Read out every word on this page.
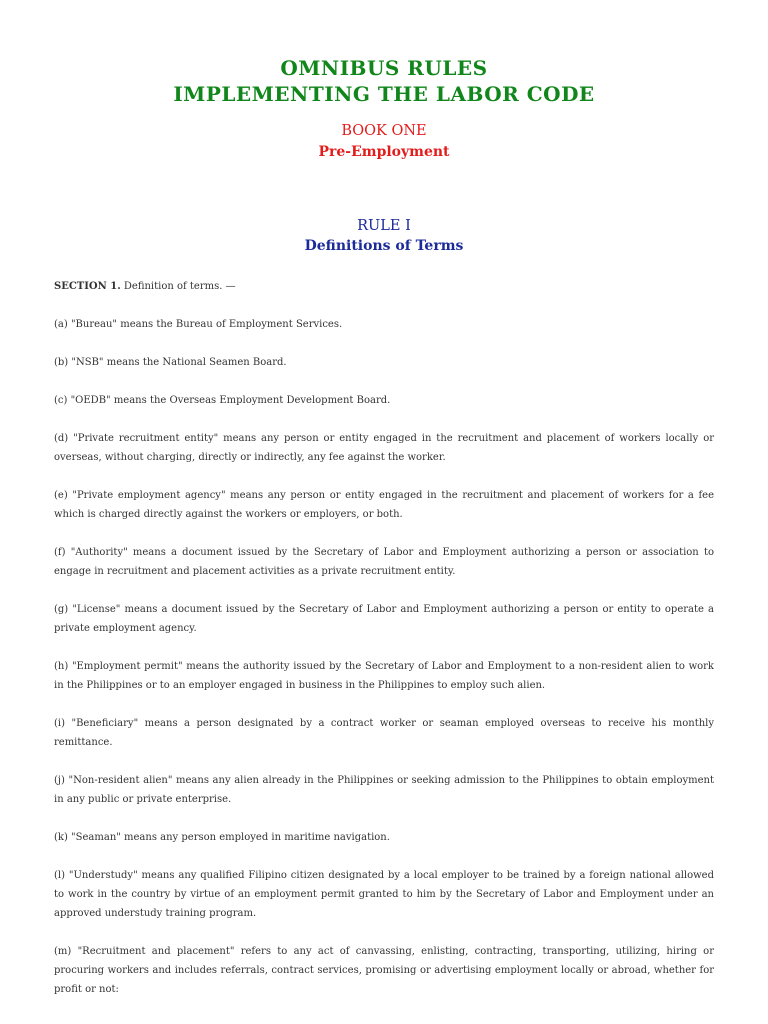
OMNIBUS RULES
IMPLEMENTING THE LABOR CODE
BOOK ONE
Pre-Employment
RULE I
Definitions of Terms

SECTION 1. Definition of terms. —

(a) "Bureau" means the Bureau of Employment Services.

(b) "NSB" means the National Seamen Board.

(c) "OEDB" means the Overseas Employment Development Board.

(d) "Private recruitment entity" means any person or entity engaged in the recruitment and placement of workers locally or overseas, without charging, directly or indirectly, any fee against the worker.

(e) "Private employment agency" means any person or entity engaged in the recruitment and placement of workers for a fee which is charged directly against the workers or employers, or both.

(f) "Authority" means a document issued by the Secretary of Labor and Employment authorizing a person or association to engage in recruitment and placement activities as a private recruitment entity.

(g) "License" means a document issued by the Secretary of Labor and Employment authorizing a person or entity to operate a private employment agency.

(h) "Employment permit" means the authority issued by the Secretary of Labor and Employment to a non-resident alien to work in the Philippines or to an employer engaged in business in the Philippines to employ such alien.

(i) "Beneficiary" means a person designated by a contract worker or seaman employed overseas to receive his monthly remittance.

(j) "Non-resident alien" means any alien already in the Philippines or seeking admission to the Philippines to obtain employment in any public or private enterprise.

(k) "Seaman" means any person employed in maritime navigation.

(l) "Understudy" means any qualified Filipino citizen designated by a local employer to be trained by a foreign national allowed to work in the country by virtue of an employment permit granted to him by the Secretary of Labor and Employment under an approved understudy training program.

(m) "Recruitment and placement" refers to any act of canvassing, enlisting, contracting, transporting, utilizing, hiring or procuring workers and includes referrals, contract services, promising or advertising employment locally or abroad, whether for profit or not:
